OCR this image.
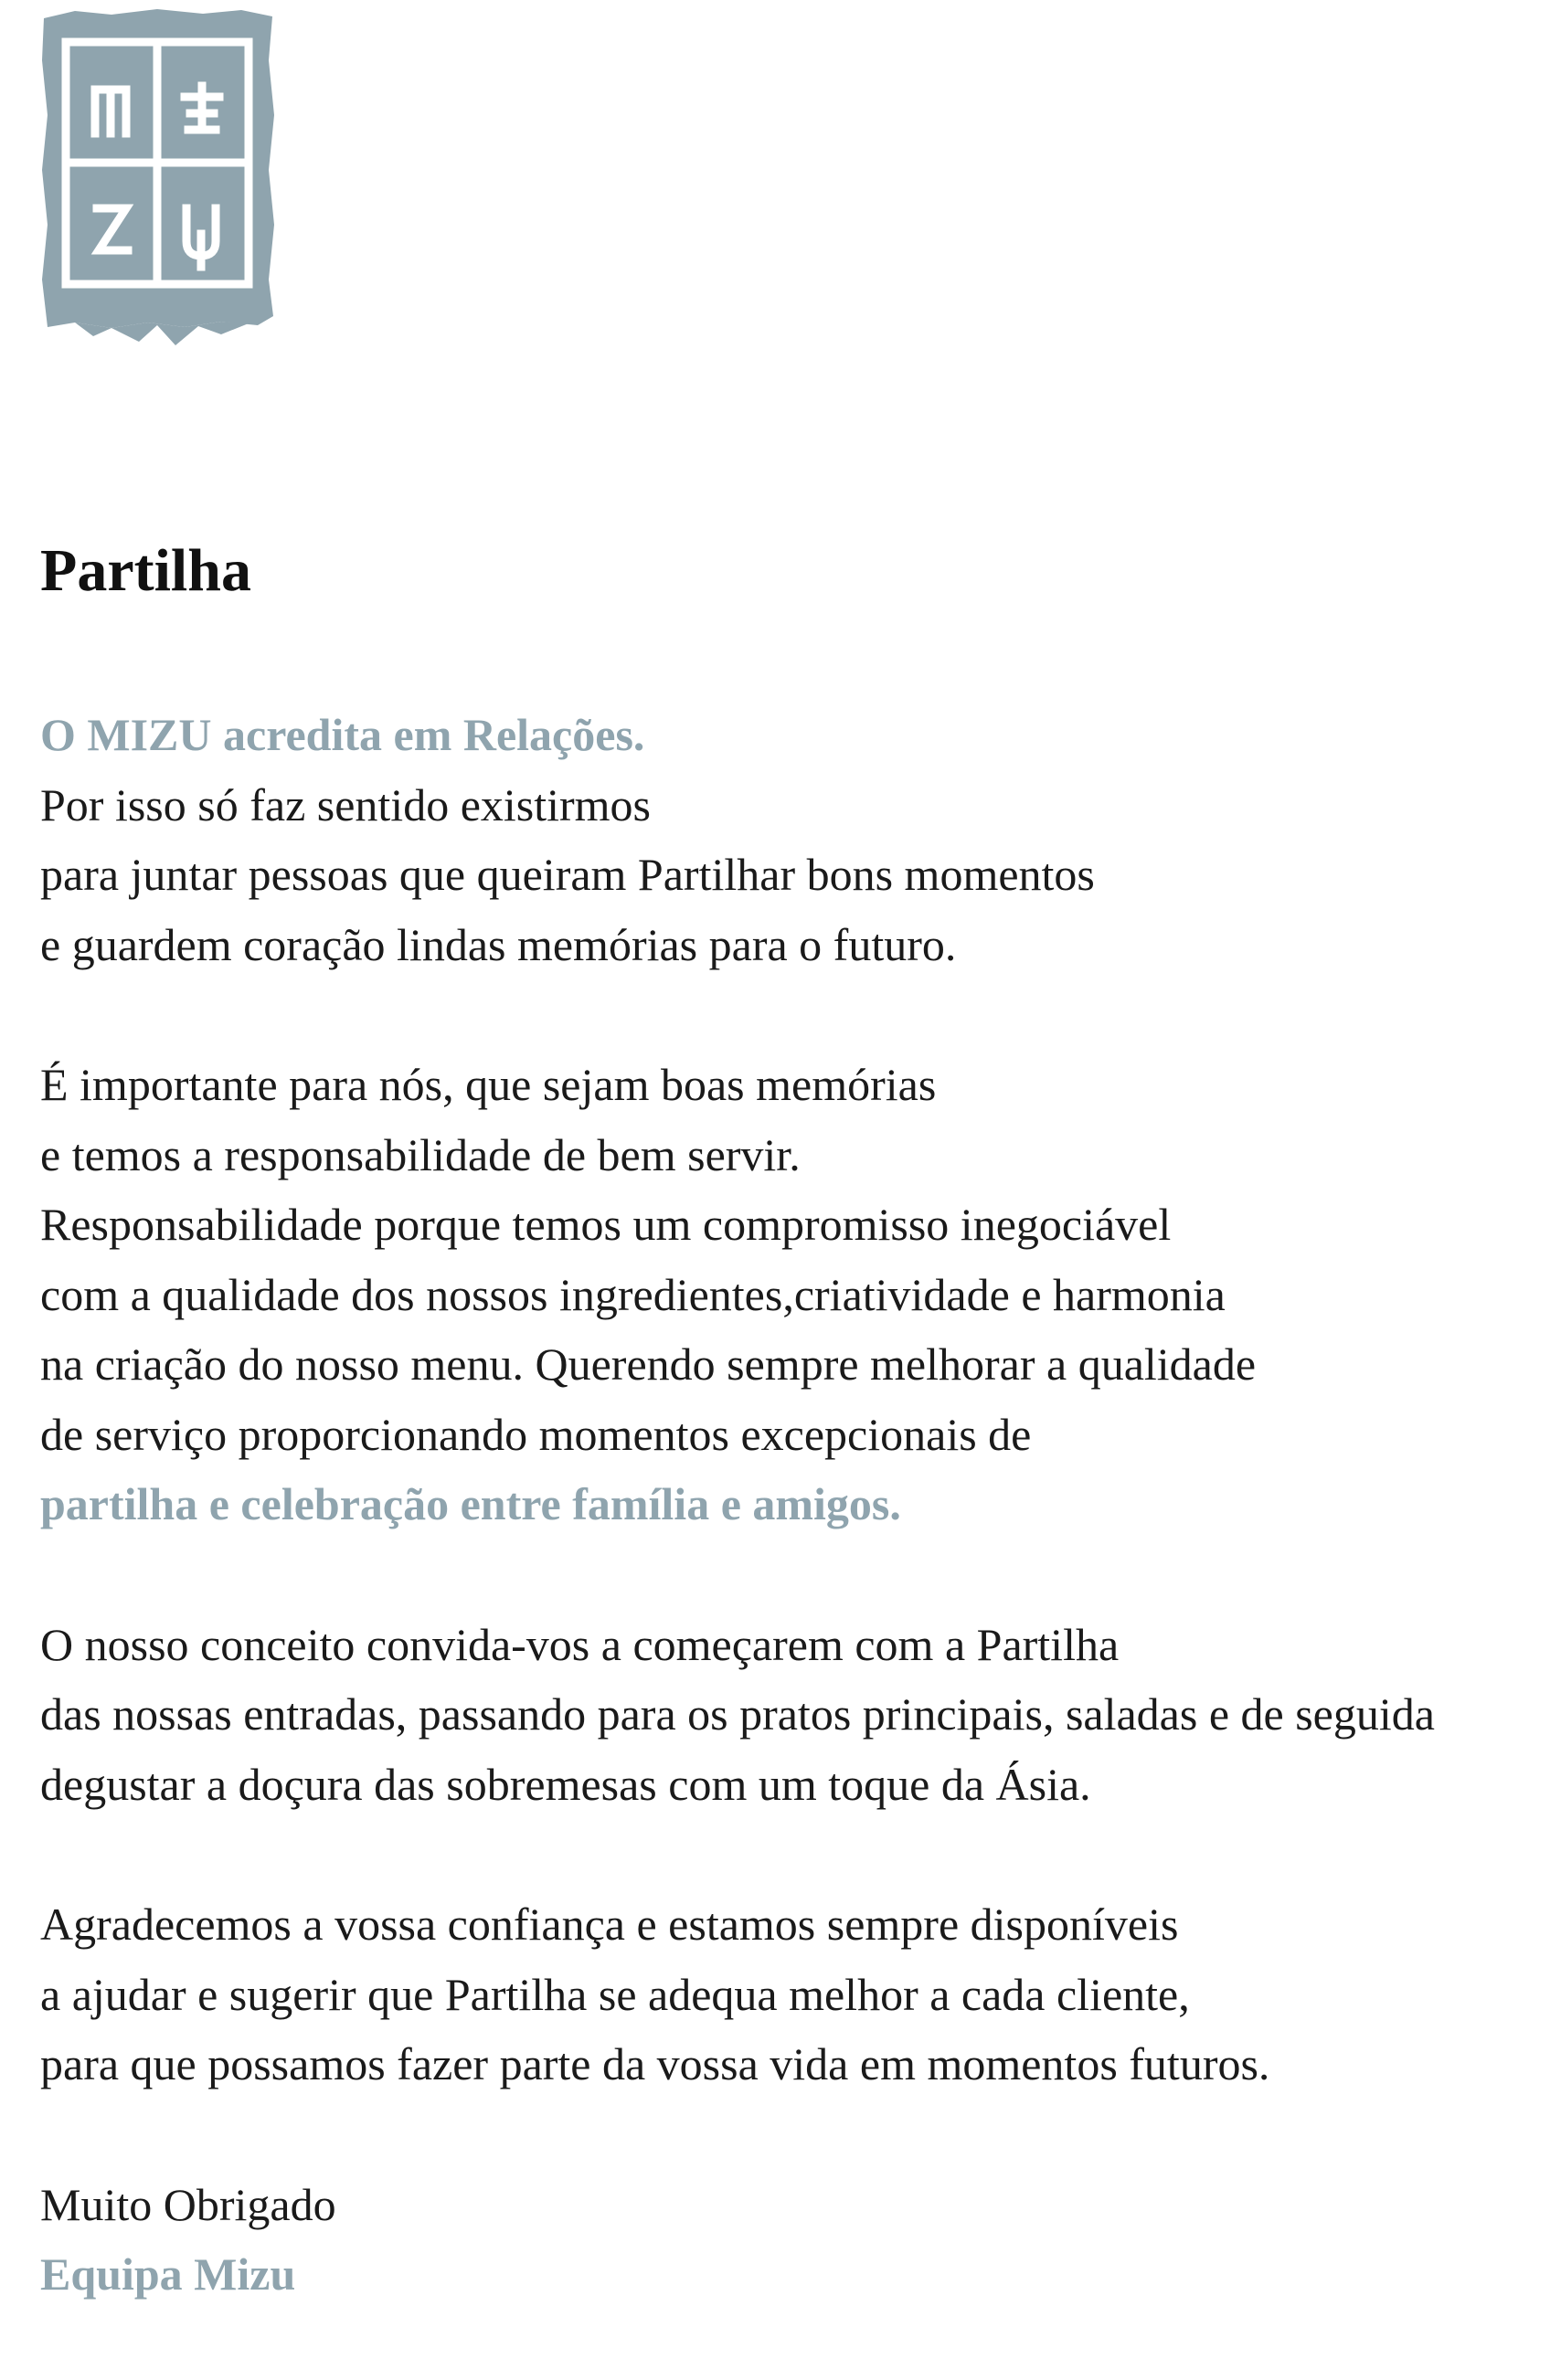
Partilha
O MIZU acredita em Relações.
Por isso só faz sentido existirmos
para juntar pessoas que queiram Partilhar bons momentos
e guardem coração lindas memórias para o futuro.
É importante para nós, que sejam boas memórias
e temos a responsabilidade de bem servir.
Responsabilidade porque temos um compromisso inegociável
com a qualidade dos nossos ingredientes,criatividade e harmonia
na criação do nosso menu. Querendo sempre melhorar a qualidade
de serviço proporcionando momentos excepcionais de
partilha e celebração entre família e amigos.
O nosso conceito convida-vos a começarem com a Partilha
das nossas entradas, passando para os pratos principais, saladas e de seguida
degustar a doçura das sobremesas com um toque da Ásia.
Agradecemos a vossa confiança e estamos sempre disponíveis
a ajudar e sugerir que Partilha se adequa melhor a cada cliente,
para que possamos fazer parte da vossa vida em momentos futuros.
Muito Obrigado
Equipa Mizu
